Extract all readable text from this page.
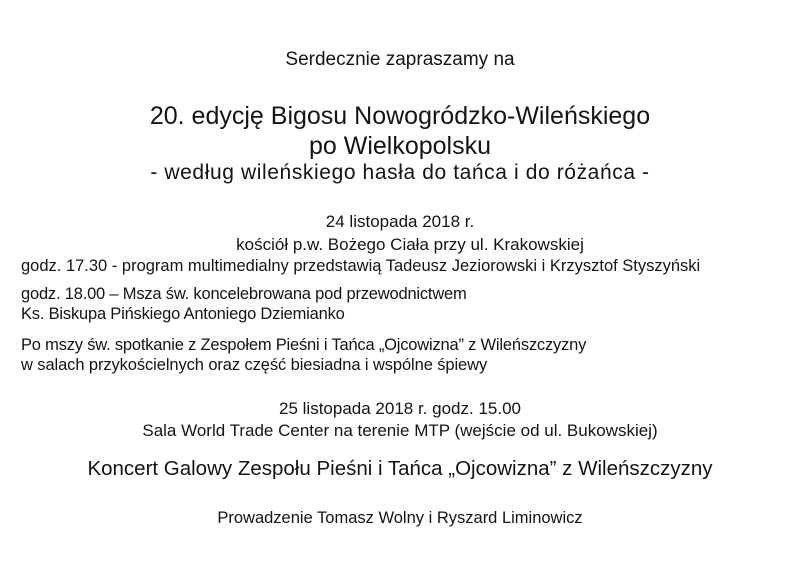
Serdecznie zapraszamy na
20. edycję Bigosu Nowogródzko-Wileńskiego
po Wielkopolsku
- według wileńskiego hasła do tańca i do różańca -
24 listopada 2018 r.
kościół p.w. Bożego Ciała przy ul. Krakowskiej
godz. 17.30 - program multimedialny przedstawią Tadeusz Jeziorowski i Krzysztof Styszyński
godz. 18.00 – Msza św. koncelebrowana pod przewodnictwem
Ks. Biskupa Pińskiego Antoniego Dziemianko
Po mszy św. spotkanie z Zespołem Pieśni i Tańca „Ojcowizna” z Wileńszczyzny
w salach przykościelnych oraz część biesiadna i wspólne śpiewy
25 listopada 2018 r. godz. 15.00
Sala World Trade Center na terenie MTP (wejście od ul. Bukowskiej)
Koncert Galowy Zespołu Pieśni i Tańca „Ojcowizna” z Wileńszczyzny
Prowadzenie Tomasz Wolny i Ryszard Liminowicz
